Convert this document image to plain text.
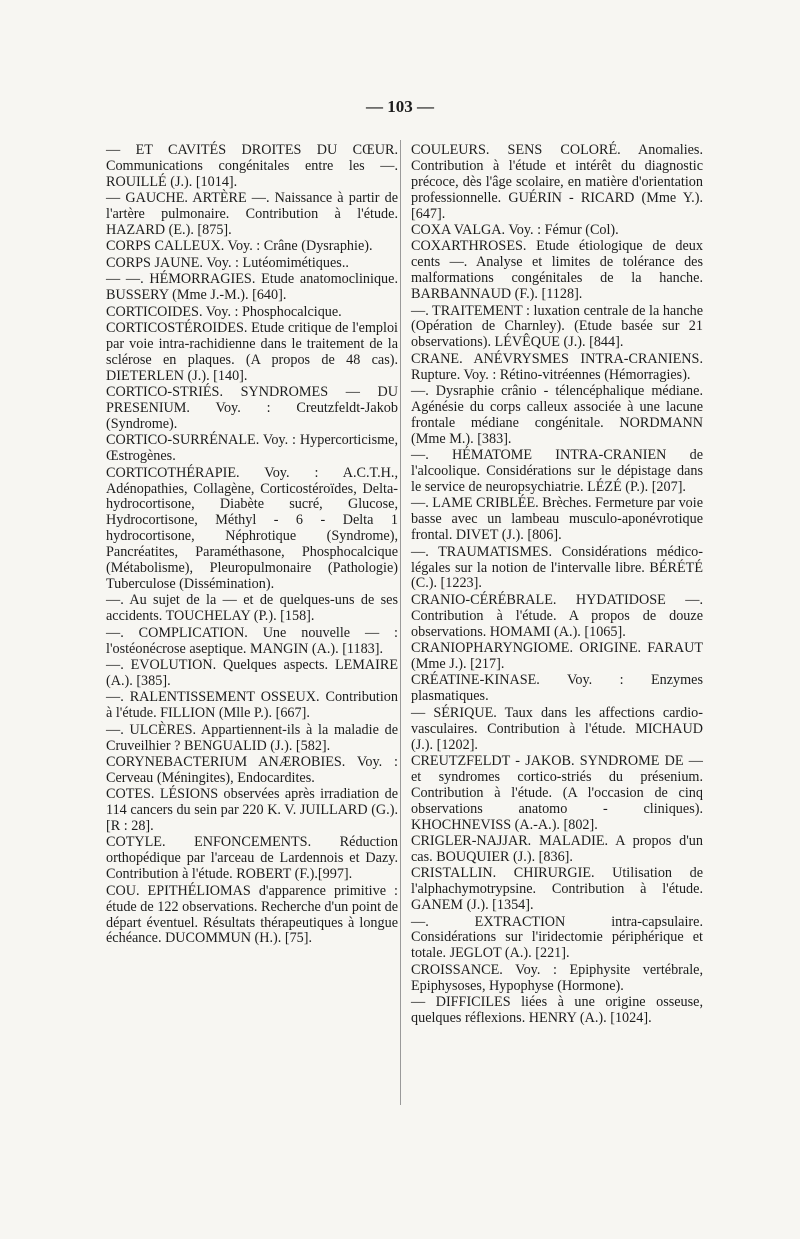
— 103 —

— ET CAVITÉS DROITES DU CŒUR. Communications congénitales entre les —. ROUILLÉ (J.). [1014].

— GAUCHE. ARTÈRE —. Naissance à partir de l'artère pulmonaire. Contribution à l'étude. HAZARD (E.). [875].

CORPS CALLEUX. Voy. : Crâne (Dysraphie).

CORPS JAUNE. Voy. : Lutéomimétiques..

— —. HÉMORRAGIES. Etude anatomoclinique. BUSSERY (Mme J.-M.). [640].

CORTICOIDES. Voy. : Phosphocalcique.

CORTICOSTÉROIDES. Etude critique de l'emploi par voie intra-rachidienne dans le traitement de la sclérose en plaques. (A propos de 48 cas). DIETERLEN (J.). [140].

CORTICO-STRIÉS. SYNDROMES — DU PRESENIUM. Voy. : Creutzfeldt-Jakob (Syndrome).

CORTICO-SURRÉNALE. Voy. : Hypercorticisme, Œstrogènes.

CORTICOTHÉRAPIE. Voy. : A.C.T.H., Adénopathies, Collagène, Corticostéroïdes, Delta-hydrocortisone, Diabète sucré, Glucose, Hydrocortisone, Méthyl - 6 - Delta 1 hydrocortisone, Néphrotique (Syndrome), Pancréatites, Paraméthasone, Phosphocalcique (Métabolisme), Pleuropulmonaire (Pathologie) Tuberculose (Dissémination).

—. Au sujet de la — et de quelques-uns de ses accidents. TOUCHELAY (P.). [158].

—. COMPLICATION. Une nouvelle — : l'ostéonécrose aseptique. MANGIN (A.). [1183].

—. EVOLUTION. Quelques aspects. LEMAIRE (A.). [385].

—. RALENTISSEMENT OSSEUX. Contribution à l'étude. FILLION (Mlle P.). [667].

—. ULCÈRES. Appartiennent-ils à la maladie de Cruveilhier ? BENGUALID (J.). [582].

CORYNEBACTERIUM ANÆROBIES. Voy. : Cerveau (Méningites), Endocardites.

COTES. LÉSIONS observées après irradiation de 114 cancers du sein par 220 K. V. JUILLARD (G.). [R : 28].

COTYLE. ENFONCEMENTS. Réduction orthopédique par l'arceau de Lardennois et Dazy. Contribution à l'étude. ROBERT (F.).[997].

COU. EPITHÉLIOMAS d'apparence primitive : étude de 122 observations. Recherche d'un point de départ éventuel. Résultats thérapeutiques à longue échéance. DUCOMMUN (H.). [75].

COULEURS. SENS COLORÉ. Anomalies. Contribution à l'étude et intérêt du diagnostic précoce, dès l'âge scolaire, en matière d'orientation professionnelle. GUÉRIN - RICARD (Mme Y.). [647].

COXA VALGA. Voy. : Fémur (Col).

COXARTHROSES. Etude étiologique de deux cents —. Analyse et limites de tolérance des malformations congénitales de la hanche. BARBANNAUD (F.). [1128].

—. TRAITEMENT : luxation centrale de la hanche (Opération de Charnley). (Etude basée sur 21 observations). LÉVÊQUE (J.). [844].

CRANE. ANÉVRYSMES INTRA-CRANIENS. Rupture. Voy. : Rétino-vitréennes (Hémorragies).

—. Dysraphie crânio - télencéphalique médiane. Agénésie du corps calleux associée à une lacune frontale médiane congénitale. NORDMANN (Mme M.). [383].

—. HÉMATOME INTRA-CRANIEN de l'alcoolique. Considérations sur le dépistage dans le service de neuropsychiatrie. LÉZÉ (P.). [207].

—. LAME CRIBLÉE. Brèches. Fermeture par voie basse avec un lambeau musculo-aponévrotique frontal. DIVET (J.). [806].

—. TRAUMATISMES. Considérations médico-légales sur la notion de l'intervalle libre. BÉRÉTÉ (C.). [1223].

CRANIO-CÉRÉBRALE. HYDATIDOSE —. Contribution à l'étude. A propos de douze observations. HOMAMI (A.). [1065].

CRANIOPHARYNGIOME. ORIGINE. FARAUT (Mme J.). [217].

CRÉATINE-KINASE. Voy. : Enzymes plasmatiques.

— SÉRIQUE. Taux dans les affections cardio-vasculaires. Contribution à l'étude. MICHAUD (J.). [1202].

CREUTZFELDT - JAKOB. SYNDROME DE — et syndromes cortico-striés du présenium. Contribution à l'étude. (A l'occasion de cinq observations anatomo - cliniques). KHOCHNEVISS (A.-A.). [802].

CRIGLER-NAJJAR. MALADIE. A propos d'un cas. BOUQUIER (J.). [836].

CRISTALLIN. CHIRURGIE. Utilisation de l'alphachymotrypsine. Contribution à l'étude. GANEM (J.). [1354].

—. EXTRACTION intra-capsulaire. Considérations sur l'iridectomie périphérique et totale. JEGLOT (A.). [221].

CROISSANCE. Voy. : Epiphysite vertébrale, Epiphysoses, Hypophyse (Hormone).

— DIFFICILES liées à une origine osseuse, quelques réflexions. HENRY (A.). [1024].
